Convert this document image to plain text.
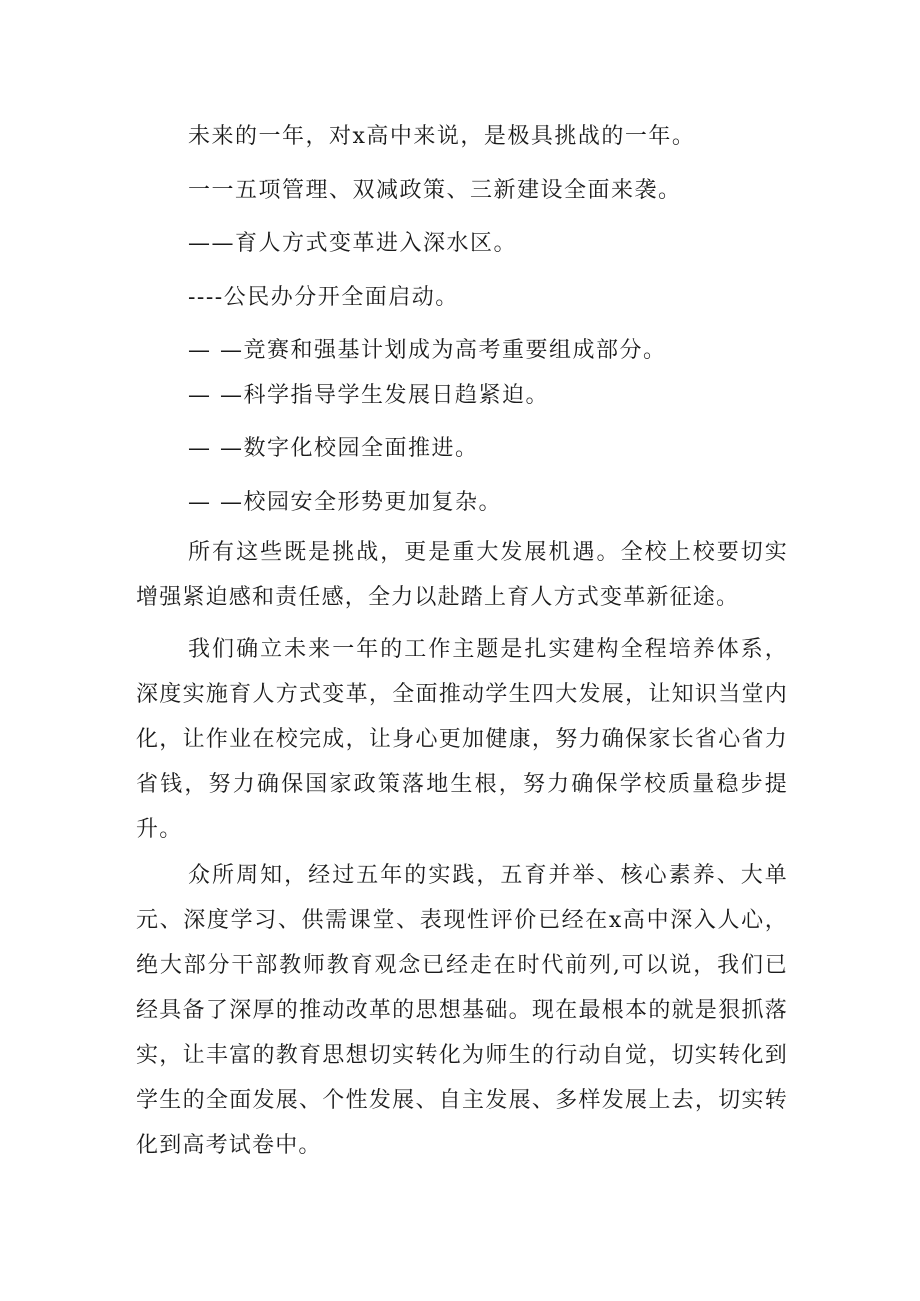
未来的一年，对x高中来说，是极具挑战的一年。
一一五项管理、双减政策、三新建设全面来袭。
——育人方式变革进入深水区。
----公民办分开全面启动。
— —竞赛和强基计划成为高考重要组成部分。
— —科学指导学生发展日趋紧迫。
— —数字化校园全面推进。
— —校园安全形势更加复杂。

所有这些既是挑战，更是重大发展机遇。全校上校要切实增强紧迫感和责任感，全力以赴踏上育人方式变革新征途。

我们确立未来一年的工作主题是扎实建构全程培养体系，深度实施育人方式变革，全面推动学生四大发展，让知识当堂内化，让作业在校完成，让身心更加健康，努力确保家长省心省力省钱，努力确保国家政策落地生根，努力确保学校质量稳步提升。

众所周知，经过五年的实践，五育并举、核心素养、大单元、深度学习、供需课堂、表现性评价已经在x高中深入人心，绝大部分干部教师教育观念已经走在时代前列,可以说，我们已经具备了深厚的推动改革的思想基础。现在最根本的就是狠抓落实，让丰富的教育思想切实转化为师生的行动自觉，切实转化到学生的全面发展、个性发展、自主发展、多样发展上去，切实转化到高考试卷中。
